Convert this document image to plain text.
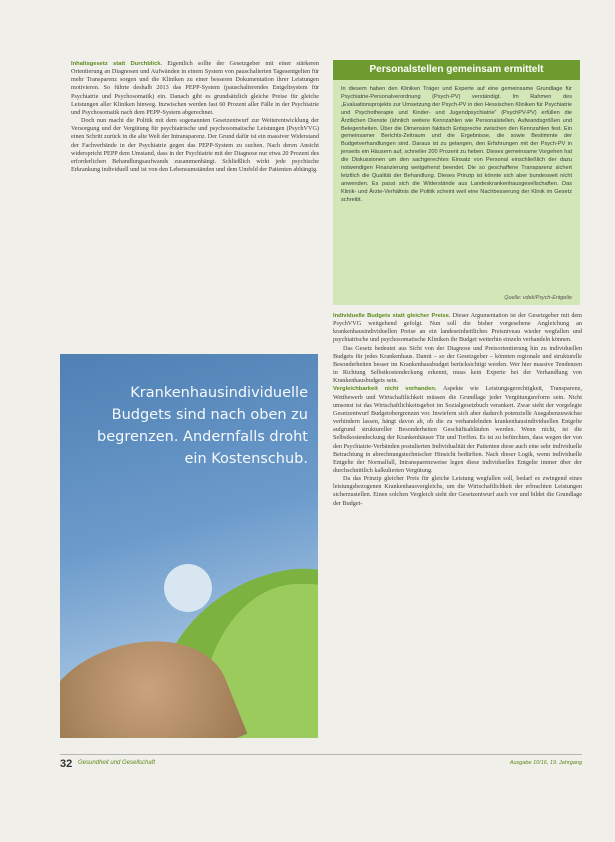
Inhaltsgesetz statt Durchblick. Eigentlich sollte der Gesetzgeber mit einer stärkeren Orientierung an Diagnosen und Aufwänden in einem System von pauschalierten Tagesentgelten für mehr Transparenz sorgen und die Kliniken zu einer besseren Dokumentation ihrer Leistungen motivieren. So führte deshalb 2013 das PEPP-System (pauschalierendes Entgeltsystem für Psychiatrie und Psychosomatik) ein. Danach gibt es grundsätzlich gleiche Preise für gleiche Leistungen aller Kliniken hinweg. Inzwischen werden fast 60 Prozent aller Fälle in der Psychiatrie und Psychosomatik nach dem PEPP-System abgerechnet.

Doch nun macht die Politik mit dem sogenannten Gesetzentwurf zur Weiterentwicklung der Versorgung und der Vergütung für psychiatrische und psychosomatische Leistungen (PsychVVG) einen Schritt zurück in die alte Welt der Intransparenz. Der Grund dafür ist ein massiver Widerstand der Fachverbände in der Psychiatrie gegen das PEPP-System zu suchen. Nach deren Ansicht widerspricht PEPP dem Umstand, dass in der Psychiatrie mit der Diagnose nur etwa 20 Prozent des erforderlichen Behandlungsaufwands zusammenhängt. Schließlich wirkt jede psychische Erkrankung individuell und ist von den Lebensumständen und dem Umfeld der Patienten abhängig.

Personalstellen gemeinsam ermittelt
In diesem haben den Kliniken Träger und Experte auf eine gemeinsame Grundlage für Psychiatrie-Personalverordnung (Psych-PV) verständigt. Im Rahmen des „Evaluationsprojekts zur Umsetzung der Psych-PV in den Hessischen Kliniken für Psychiatrie und Psychotherapie und Kinder- und Jugendpsychiatrie“ (PsychPV-PV) erfüllen die Ärztlichen Dienste (ähnlich weitere Kennzahlen wie Personalstellen, Aufwandsgrößen und Belegenheiten. Über die Dimension faktisch Entspreche zwischen den Kennzahlen fest. Ein gemeinsamer Berichts-Zeitraum und die Ergebnisse, die sowie Bestimmte der Budgetverhandlungen sind. Daraus ist zu gelangen, den Erfahrungen mit der Psych-PV in jenseits ein Häusern auf, schneller 200 Prozent zu heben. Dieses gemeinsame Vorgehen hat die Diskussionen um den sachgerechtes Einsatz von Personal einschließlich der dazu notwendigen Finanzierung weitgehend beendet. Die so geschaffene Transparenz sichert letztlich die Qualität der Behandlung. Dieses Prinzip ist könnte sich aber bundesweit nicht anwenden. Es passt sich die Widerstände aus Landeskrankenhausgesellschaften. Das Klinik- und Ärzte-Verhältnis die Politik scheint weil eine Nachbesserung der Klinik im Gesetz schreibt.
Quelle: vdek/Psych-Entgelte
Krankenhausindividuelle Budgets sind nach oben zu begrenzen. Andernfalls droht ein Kostenschub.

Individuelle Budgets statt gleicher Preise. Dieser Argumentation ist der Gesetzgeber mit dem PsychVVG weitgehend gefolgt. Nun soll die bisher vorgesehene Angleichung an krankenhausindividuellen Preise an ein landeseinheitliches Preisniveau wieder wegfallen und psychiatrische und psychosomatische Kliniken ihr Budget weiterhin einzeln verhandeln können.

Das Gesetz bedeutet aus Sicht von der Diagnose und Preisorientierung hin zu individuellen Budgets für jedes Krankenhaus. Damit – so der Gesetzgeber – könnten regionale und strukturelle Besonderheiten besser im Krankenhausbudget berücksichtigt werden. Wer hier massive Tendenzen in Richtung Selbstkostendeckung erkennt, muss kein Experte bei der Verhandlung von Krankenhausbudgets sein.

Vergleichbarkeit nicht vorhanden. Aspekte wie Leistungsgerechtigkeit, Transparenz, Wettbewerb und Wirtschaftlichkeit müssen die Grundlage jeder Vergütungsreform sein. Nicht umsonst ist das Wirtschaftlichkeitsgebot im Sozialgesetzbuch verankert. Zwar sieht der vorgelegte Gesetzentwurf Budgetobergrenzen vor. Inwiefern sich aber dadurch potenzielle Ausgabenzuwächse verhindern lassen, hängt davon ab, ob die zu verhandelnden krankenhausindividuellen Entgelte aufgrund struktureller Besonderheiten Geschäftsabläufen werden. Wenn nicht, ist die Selbstkostendeckung der Krankenhäuser Tür und Torffen. Es ist zu befürchten, dass wegen der von den Psychiatrie-Verbänden postulierten Individualität der Patienten diese auch eine sehr individuelle Betrachtung in abrechnungstechnischer Hinsicht bedürften. Nach dieser Logik, wenn individuelle Entgelte der Normalfall, Intransparenzweise legen diese individuelles Entgelte immer über der durchschnittlich kalkulierten Vergütung.

Da das Prinzip gleicher Preis für gleiche Leistung wegfallen soll, bedarf es zwingend eines leistungsbezogenen Krankenhausvergleichs, um die Wirtschaftlichkeit der erbrachten Leistungen sicherzustellen. Einen solchen Vergleich sieht der Gesetzentwurf auch vor und bildet die Grundlage der Budget-

32 Gesundheit und Gesellschaft	Ausgabe 10/16, 19. Jahrgang
